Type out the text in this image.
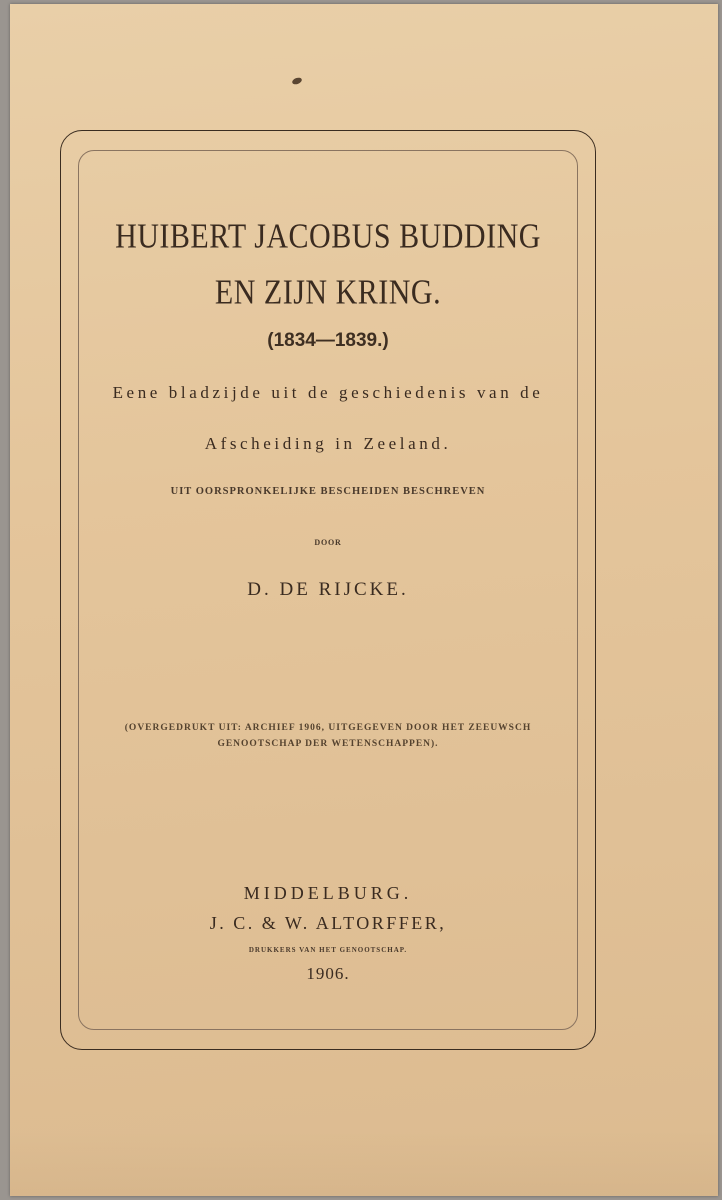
HUIBERT JACOBUS BUDDING
EN ZIJN KRING.
(1834—1839.)
Eene bladzijde uit de geschiedenis van de
Afscheiding in Zeeland.
UIT OORSPRONKELIJKE BESCHEIDEN BESCHREVEN
DOOR
D. DE RIJCKE.
(OVERGEDRUKT UIT: ARCHIEF 1906, UITGEGEVEN DOOR HET ZEEUWSCH
GENOOTSCHAP DER WETENSCHAPPEN).
MIDDELBURG.
J. C. & W. ALTORFFER,
DRUKKERS VAN HET GENOOTSCHAP.
1906.
